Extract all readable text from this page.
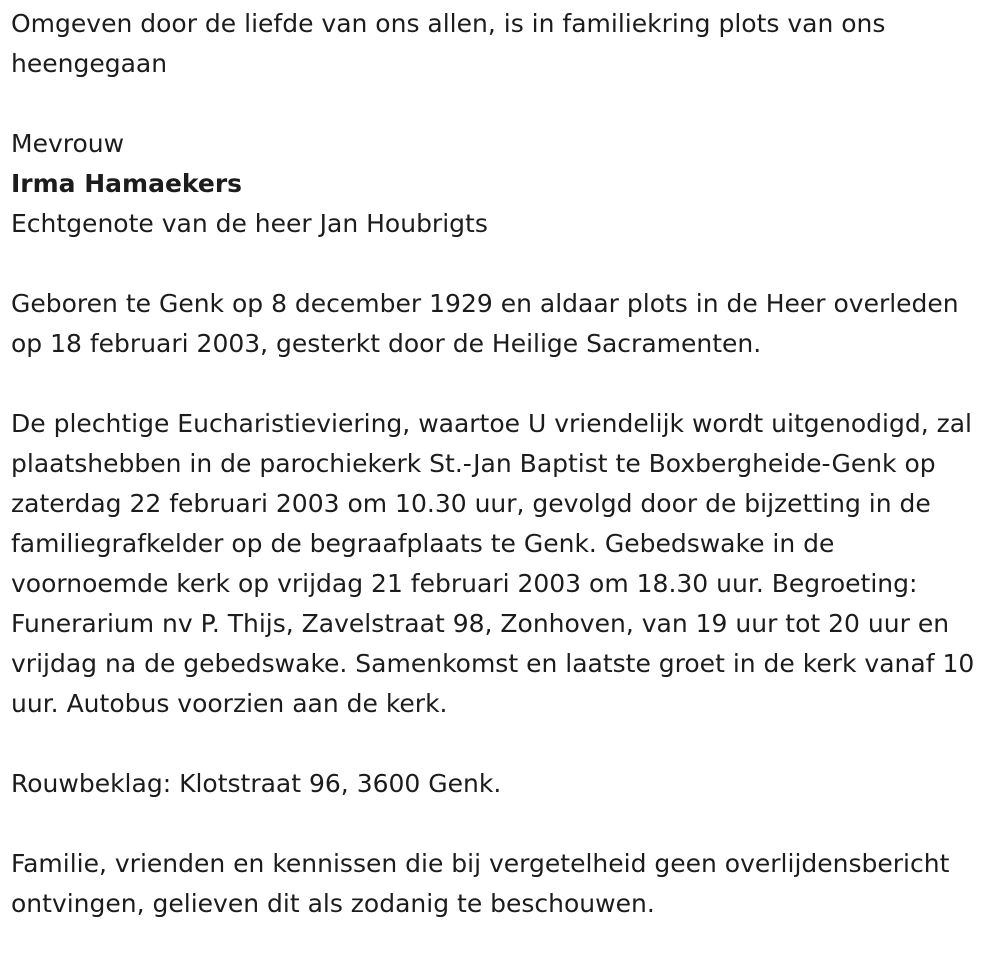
Omgeven door de liefde van ons allen, is in familiekring plots van ons heengegaan

Mevrouw

Irma Hamaekers

Echtgenote van de heer Jan Houbrigts

Geboren te Genk op 8 december 1929 en aldaar plots in de Heer overleden op 18 februari 2003, gesterkt door de Heilige Sacramenten.

De plechtige Eucharistieviering, waartoe U vriendelijk wordt uitgenodigd, zal plaatshebben in de parochiekerk St.-Jan Baptist te Boxbergheide-Genk op zaterdag 22 februari 2003 om 10.30 uur, gevolgd door de bijzetting in de familiegrafkelder op de begraafplaats te Genk. Gebedswake in de voornoemde kerk op vrijdag 21 februari 2003 om 18.30 uur. Begroeting: Funerarium nv P. Thijs, Zavelstraat 98, Zonhoven, van 19 uur tot 20 uur en vrijdag na de gebedswake. Samenkomst en laatste groet in de kerk vanaf 10 uur. Autobus voorzien aan de kerk.

Rouwbeklag: Klotstraat 96, 3600 Genk.

Familie, vrienden en kennissen die bij vergetelheid geen overlijdensbericht ontvingen, gelieven dit als zodanig te beschouwen.
